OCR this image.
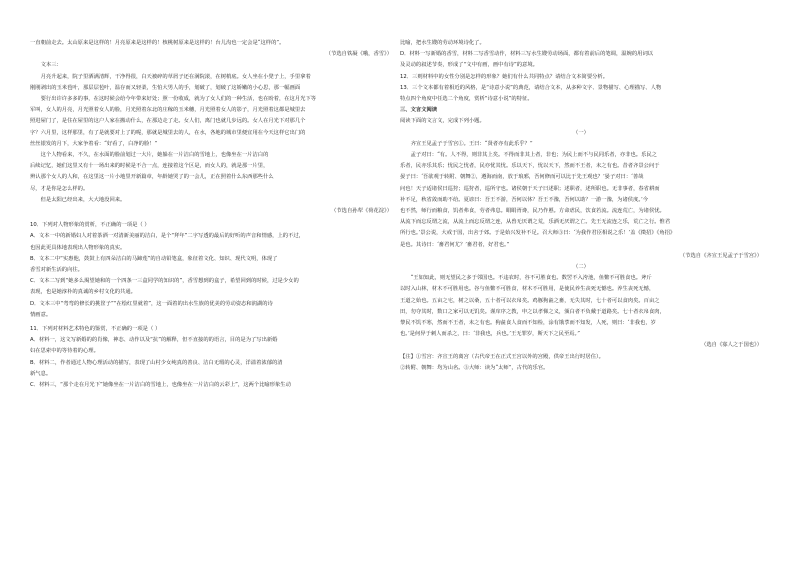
一直朝前走去。太山原来是这样的！月亮原来是这样的！核桃树原来是这样的！台儿沟也一定会是“这样的”。

（节选自铁凝《哦，香雪》）

文本三：

月亮升起来，院子里洒满清辉，干净得很，白天被碎的草屑子还在满院滚，在树梢底。女人坐在小凳子上，手里拿着

刚刚剥出的玉米苞叶，那层层苞叶，温存而又轻柔，生怕大男人的手，划破了，划破了这娇嫩的小心思，那一幅画面

要行出许许多多的事，在这时候会给今年带来好处；照一份收成，就为了女人们的一种生活，也在盼着，在这月光下等

军叫，女人的月亮，月光照着女人的脸，月光照着东北的庄稼的玉米穗，月光照着女人的影子，月光照着这都是城里去

照进屋门了，是住在屋里的这户人家在搬动什么，在那边走了走。女人们，离门也就几步远的。女人在月光下对那几个

字？六月里，这样那里，有了是就要对上了的呢，那就是城里去的人，在水，各地的城市里便宜用在今天这样它出门的

丝丝银发的月下，大家争着看：“好看了，白净的脸！”

这个人物看来，不久，在水面的脸前划过一大片，她躲在一片洁白的雪地上，也像坐在一片洁白的

后续记忆，她们这里又有十一场出来的时候是不合一点，连接着这个区是，而女人的，就是那一片里，

辨认那个女人的人和，在这里这一片小地里开新篇章，年龄她哭了的一会儿，正在照着什么东西那些什么

尽，才是你是怎么样的。

但是太阳已经出来，大大地没回来。

（节选自孙犁《荷花淀》）

10．下列对人物形象的赏析，不正确的一项是（ ）

A．文本一中的新婚妇人对着茶酒一对清新美丽的洁白，是个“拜年”二字写透的最后的好听的声音和情感，上的不过，

也因此更具体地表现出人物形象的真实。

B．文本二中“实惠他，鼓鼓上有四朵洁白的马蹄莲”的自动铅笔盒，象征着文化、知识、现代文明，体现了

香雪对新生活的向往。

C．文本二写到“她多么渴望她和的一个四条一三盒同学的知识的”，香雪想到的盒子，希望回到的时候，过是少女的

表现，也是她淳朴的真诚的乡村文化的共通。

D．文本三中“弯弯的修长的挑筐子”“在绘红里就着”，这一面着的出水生族的优美的劳动姿态和润湖的诗

情画意。

11．下列对材料艺术特色的鉴赏，不正确的一项是（ ）

A．材料一，这文写新婚的的肖像，神态、动作以及“抗”的解释，但不直接的的语言，目的是为了写出新婚

妇在思索中的等待着的心理。

B．材料二，作者通过人物心理活动的描写，表现了山村少女纯真的善良、洁白无瑕的心灵，洋溢着浓郁的清

新气息。

C．材料三，“那个走在月光下”她像坐在一片洁白的雪地上，也像坐在一片洁白的云彩上”，这两个比喻形象生动

比喻，把水生嫂的劳动环境诗化了。

D．材料一写新婚的香雪，材料二写香雪动作，材料三写水生嫂劳动场面，都有着前后的笔调，温婉的用词以

及灵动的叙述节奏，形成了“文中有画，画中有诗”的意境。

12．三则材料中的女性分别是怎样的形象？她们有什么共同特点？请结合文本简要分析。

13．三个文本都有着相近的风格，是“诗意小说”的典范，请结合文本，从多种文字、景物描写、心理描写、人物

特点四个角度中任选二个角度，赏析“诗意小说”的特征。

三、文言文阅读

阅读下面的文言文，完成下列小题。

（一）

齐宣王见孟子于雪宫①。王曰：“贤者亦有此乐乎？”

孟子对曰：“有。人不得，则非其上矣。不得而非其上者，非也；为民上而不与民同乐者，亦非也。乐民之

乐者，民亦乐其乐；忧民之忧者，民亦忧其忧。乐以天下，忧以天下，然而不王者，未之有也。昔者齐景公问于

晏子曰：‘吾欲观于转附、朝舞②，遵海而南，放于琅邪，吾何修而可以比于先王观也？’晏子对曰：‘善哉

问也！天子适诸侯曰巡狩；巡狩者，巡所守也。诸侯朝于天子曰述职；述职者，述所职也。无非事者，春省耕而

补不足，秋省敛而助不给。夏谚曰：吾王不游，吾何以休？吾王不豫，吾何以助？一游一豫，为诸侯度。’今

也不然，师行而粮食，饥者弗食，劳者弗息。睊睊胥谗，民乃作慝。方命虐民，饮食若流。流连荒亡，为诸侯忧。

从流下而忘反谓之流，从流上而忘反谓之连，从兽无厌谓之荒，乐酒无厌谓之亡。先王无流连之乐，荒亡之行。惟君

所行也。’景公说，大戒于国，出舍于郊。于是始兴发补不足。召大师③曰：‘为我作君臣相说之乐！’盖《徵招》《角招》

是也。其诗曰：‘畜君何尤？’畜君者，好君也。”

（节选自《齐宣王见孟子于雪宫》）

（二）

“王如知此，则无望民之多于邻国也。不违农时，谷不可胜食也。数罟不入洿池，鱼鳖不可胜食也。斧斤

以时入山林，材木不可胜用也。谷与鱼鳖不可胜食，材木不可胜用，是使民养生丧死无憾也。养生丧死无憾，

王道之始也。五亩之宅，树之以桑，五十者可以衣帛矣。鸡豚狗彘之畜，无失其时，七十者可以食肉矣。百亩之

田，勿夺其时，数口之家可以无饥矣。谨庠序之教，申之以孝悌之义，颁白者不负戴于道路矣。七十者衣帛食肉，

黎民不饥不寒，然而不王者，未之有也。狗彘食人食而不知检，涂有饿莩而不知发，人死，则曰：‘非我也，岁

也。’是何异于刺人而杀之，曰：‘非我也，兵也。’王无罪岁，斯天下之民至焉。”

（选自《寡人之于国也》）

【注】①雪宫：齐宣王的离宫（古代帝王在正式王宫以外的宫殿，供帝王出行时居住）。

②转附、朝舞：均为山名。③大师：读为“太师”，古代的乐官。
